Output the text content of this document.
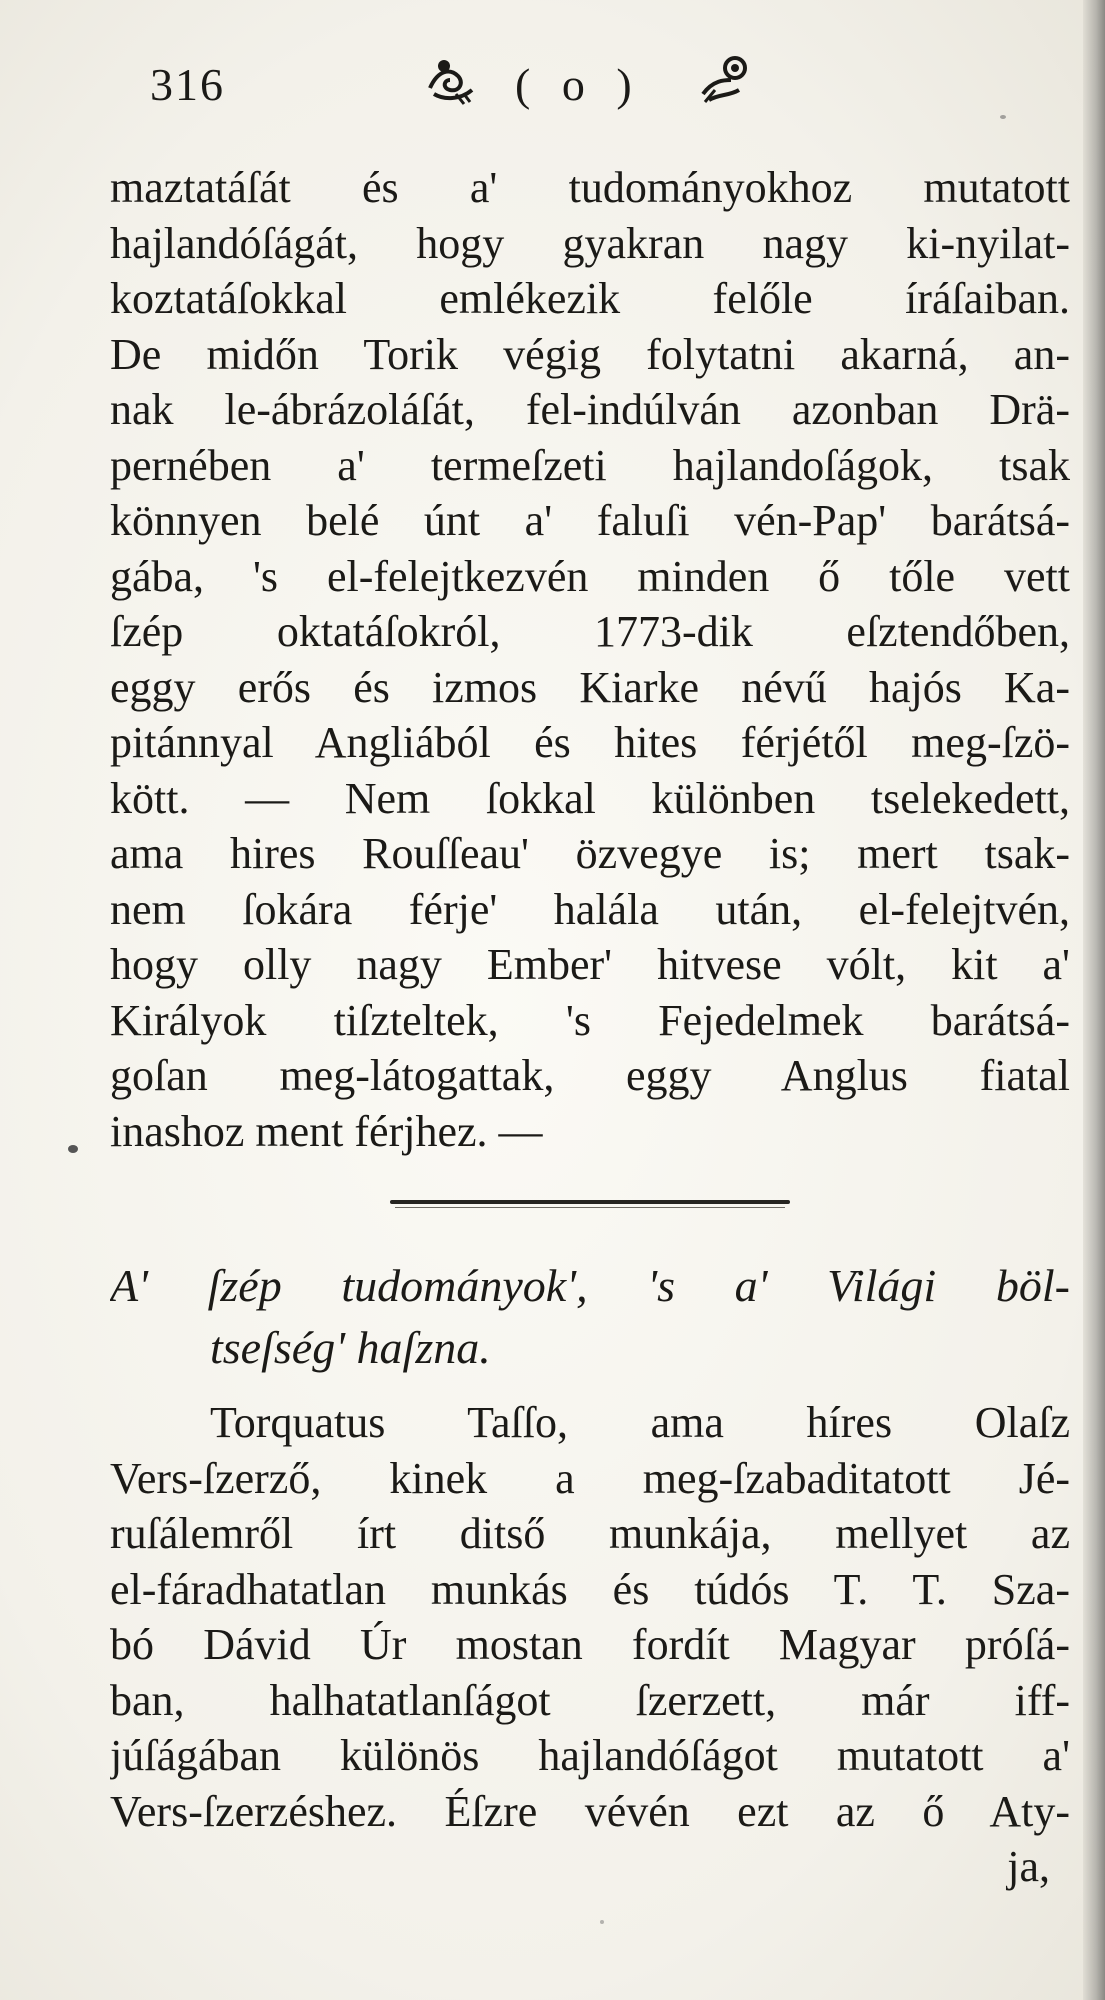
316	( o )
maztatáſát és a' tudományokhoz mutatott
hajlandóſágát, hogy gyakran nagy ki-nyilat-
koztatáſokkal emlékezik felőle íráſaiban.
De midőn Torik végig folytatni akarná, an-
nak le-ábrázoláſát, fel-indúlván azonban Drä-
pernében a' termeſzeti hajlandoſágok, tsak
könnyen belé únt a' faluſi vén-Pap' barátsá-
gába, 's el-felejtkezvén minden ő tőle vett
ſzép oktatáſokról, 1773-dik eſztendőben,
eggy erős és izmos Kiarke névű hajós Ka-
pitánnyal Angliából és hites férjétől meg-ſzö-
kött. — Nem ſokkal különben tselekedett,
ama hires Rouſſeau' özvegye is; mert tsak-
nem ſokára férje' halála után, el-felejtvén,
hogy olly nagy Ember' hitvese vólt, kit a'
Királyok tiſzteltek, 's Fejedelmek barátsá-
goſan meg-látogattak, eggy Anglus fiatal
inashoz ment férjhez. —
A' ſzép tudományok', 's a' Világi böl-
tseſség' haſzna.
Torquatus Taſſo, ama híres Olaſz
Vers-ſzerző, kinek a meg-ſzabaditatott Jé-
ruſálemről írt ditső munkája, mellyet az
el-fáradhatatlan munkás és túdós T. T. Sza-
bó Dávid Úr mostan fordít Magyar próſá-
ban, halhatatlanſágot ſzerzett, már iff-
júſágában különös hajlandóſágot mutatott a'
Vers-ſzerzéshez. Éſzre vévén ezt az ő Aty-
ja,
